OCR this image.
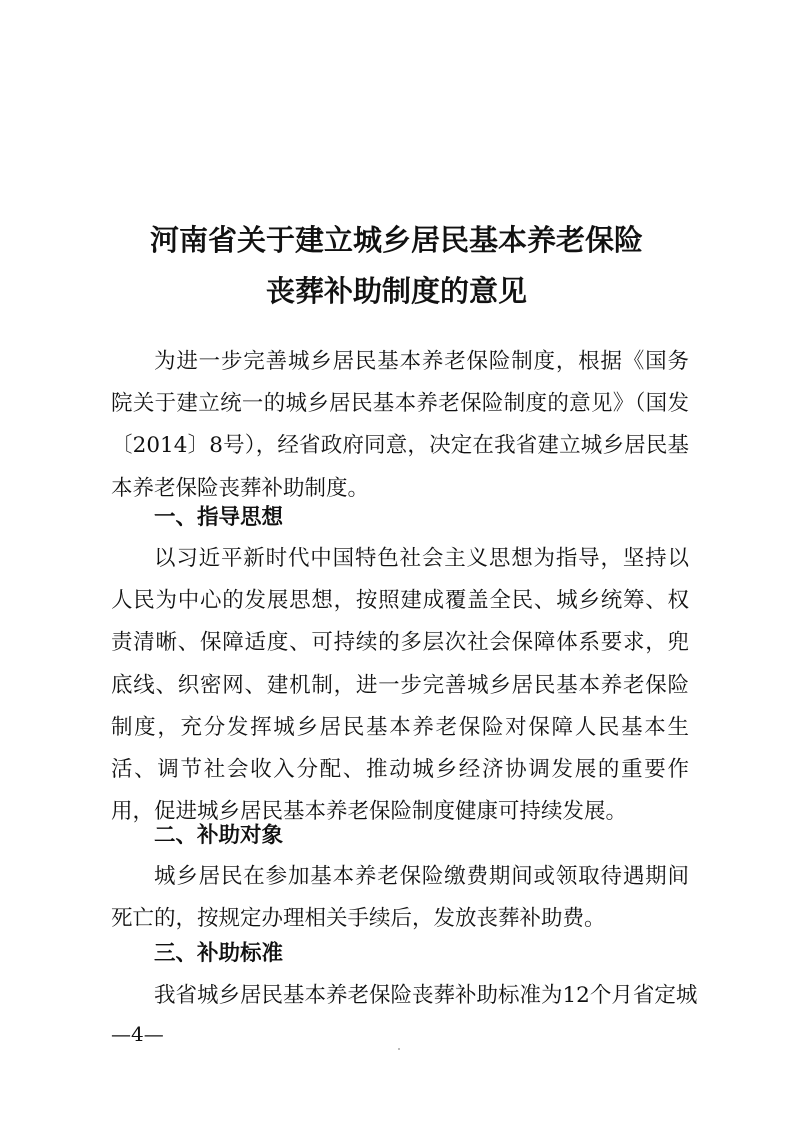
河南省关于建立城乡居民基本养老保险
丧葬补助制度的意见

为进一步完善城乡居民基本养老保险制度，根据《国务院关于建立统一的城乡居民基本养老保险制度的意见》（国发〔2014〕8号），经省政府同意，决定在我省建立城乡居民基本养老保险丧葬补助制度。

一、指导思想

以习近平新时代中国特色社会主义思想为指导，坚持以人民为中心的发展思想，按照建成覆盖全民、城乡统筹、权责清晰、保障适度、可持续的多层次社会保障体系要求，兜底线、织密网、建机制，进一步完善城乡居民基本养老保险制度，充分发挥城乡居民基本养老保险对保障人民基本生活、调节社会收入分配、推动城乡经济协调发展的重要作用，促进城乡居民基本养老保险制度健康可持续发展。

二、补助对象

城乡居民在参加基本养老保险缴费期间或领取待遇期间死亡的，按规定办理相关手续后，发放丧葬补助费。

三、补助标准

我省城乡居民基本养老保险丧葬补助标准为12个月省定城

—4—
